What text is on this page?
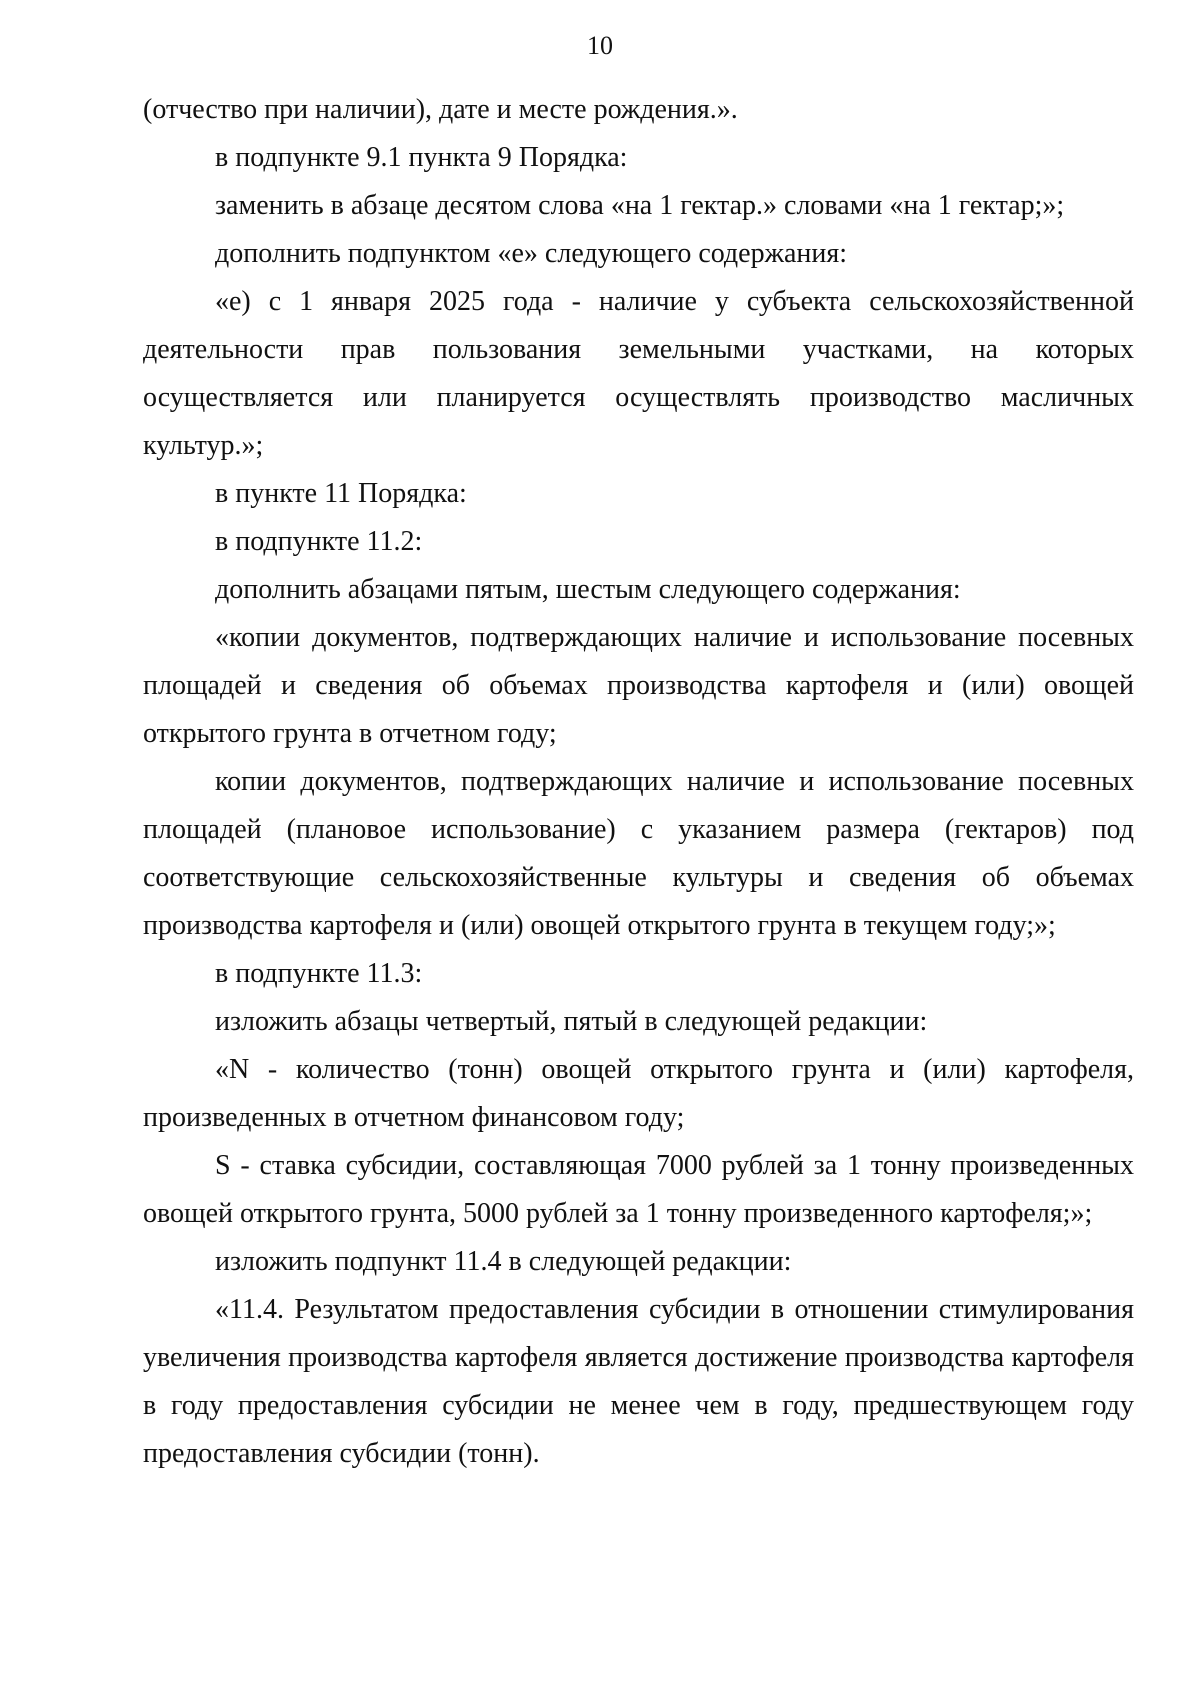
10

(отчество при наличии), дате и месте рождения.».

в подпункте 9.1 пункта 9 Порядка:

заменить в абзаце десятом слова «на 1 гектар.» словами «на 1 гектар;»;

дополнить подпунктом «е» следующего содержания:

«е) с 1 января 2025 года - наличие у субъекта сельскохозяйственной деятельности прав пользования земельными участками, на которых осуществляется или планируется осуществлять производство масличных культур.»;

в пункте 11 Порядка:

в подпункте 11.2:

дополнить абзацами пятым, шестым следующего содержания:

«копии документов, подтверждающих наличие и использование посевных площадей и сведения об объемах производства картофеля и (или) овощей открытого грунта в отчетном году;

копии документов, подтверждающих наличие и использование посевных площадей (плановое использование) с указанием размера (гектаров) под соответствующие сельскохозяйственные культуры и сведения об объемах производства картофеля и (или) овощей открытого грунта в текущем году;»;

в подпункте 11.3:

изложить абзацы четвертый, пятый в следующей редакции:

«N - количество (тонн) овощей открытого грунта и (или) картофеля, произведенных в отчетном финансовом году;

S - ставка субсидии, составляющая 7000 рублей за 1 тонну произведенных овощей открытого грунта, 5000 рублей за 1 тонну произведенного картофеля;»;

изложить подпункт 11.4 в следующей редакции:

«11.4. Результатом предоставления субсидии в отношении стимулирования увеличения производства картофеля является достижение производства картофеля в году предоставления субсидии не менее чем в году, предшествующем году предоставления субсидии (тонн).
